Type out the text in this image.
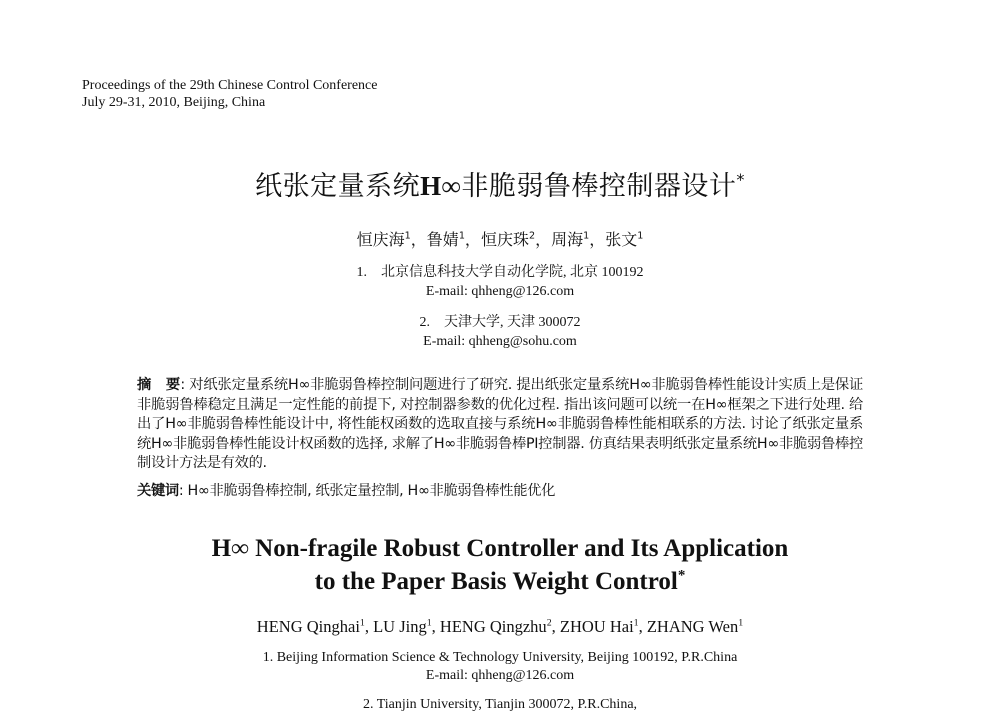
Proceedings of the 29th Chinese Control Conference
July 29-31, 2010, Beijing, China
纸张定量系统H∞非脆弱鲁棒控制器设计*
恒庆海$^1$，鲁婧$^1$，恒庆珠$^2$，周海$^1$，张文$^1$
1.　北京信息科技大学自动化学院, 北京 100192
E-mail: qhheng@126.com
2.　天津大学, 天津 300072
E-mail: qhheng@sohu.com
摘　要: 对纸张定量系统H∞非脆弱鲁棒控制问题进行了研究. 提出纸张定量系统H∞非脆弱鲁棒性能设计实质上是保证非脆弱鲁棒稳定且满足一定性能的前提下, 对控制器参数的优化过程. 指出该问题可以统一在H∞框架之下进行处理. 给出了H∞非脆弱鲁棒性能设计中, 将性能权函数的选取直接与系统H∞非脆弱鲁棒性能相联系的方法. 讨论了纸张定量系统H∞非脆弱鲁棒性能设计权函数的选择, 求解了H∞非脆弱鲁棒PI控制器. 仿真结果表明纸张定量系统H∞非脆弱鲁棒控制设计方法是有效的.
关键词: H∞非脆弱鲁棒控制, 纸张定量控制, H∞非脆弱鲁棒性能优化
H∞ Non-fragile Robust Controller and Its Application
to the Paper Basis Weight Control*
HENG Qinghai$^1$, LU Jing$^1$, HENG Qingzhu$^2$, ZHOU Hai$^1$, ZHANG Wen$^1$
1. Beijing Information Science & Technology University, Beijing 100192, P.R.China
E-mail: qhheng@126.com
2. Tianjin University, Tianjin 300072, P.R.China,
